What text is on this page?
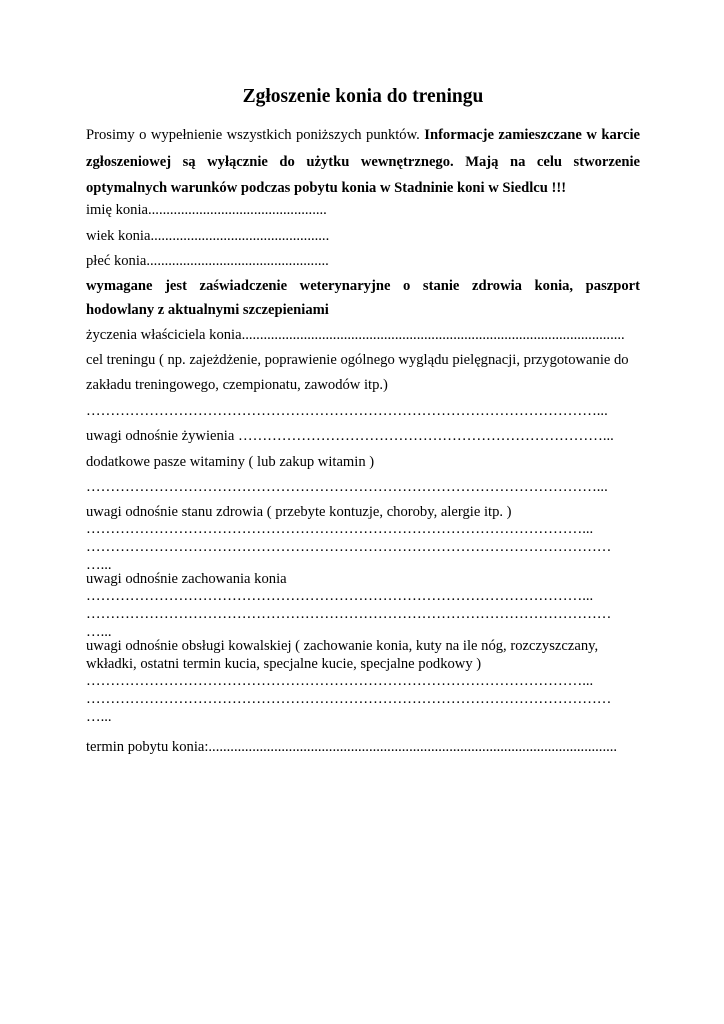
Zgłoszenie konia do treningu
Prosimy o wypełnienie wszystkich poniższych punktów. Informacje zamieszczane w karcie zgłoszeniowej są wyłącznie do użytku wewnętrznego. Mają na celu stworzenie optymalnych warunków podczas pobytu konia w Stadninie koni w Siedlcu !!!
imię konia.................................................
wiek konia.................................................
płeć konia..................................................
wymagane jest zaświadczenie weterynaryjne o stanie zdrowia konia, paszport hodowlany z aktualnymi szczepieniami
życzenia właściciela konia.........................................................................................................
cel treningu ( np. zajeżdżenie, poprawienie ogólnego wyglądu pielęgnacji, przygotowanie do zakładu treningowego, czempionatu, zawodów itp.)
……………………………………………………………………………………………...
uwagi odnośnie żywienia …………………………………………………………………...
dodatkowe pasze witaminy ( lub zakup witamin )
……………………………………………………………………………………………...
uwagi odnośnie stanu zdrowia ( przebyte kontuzje, choroby, alergie itp. )
…………………………………………………………………………………………...
………………………………………………………………………………………………
…...
uwagi odnośnie zachowania konia
…………………………………………………………………………………………...
………………………………………………………………………………………………
…...
uwagi odnośnie obsługi kowalskiej ( zachowanie konia, kuty na ile nóg, rozczyszczany, wkładki, ostatni termin kucia, specjalne kucie, specjalne podkowy )
…………………………………………………………………………………………...
………………………………………………………………………………………………
…...
termin pobytu konia:................................................................................................................
